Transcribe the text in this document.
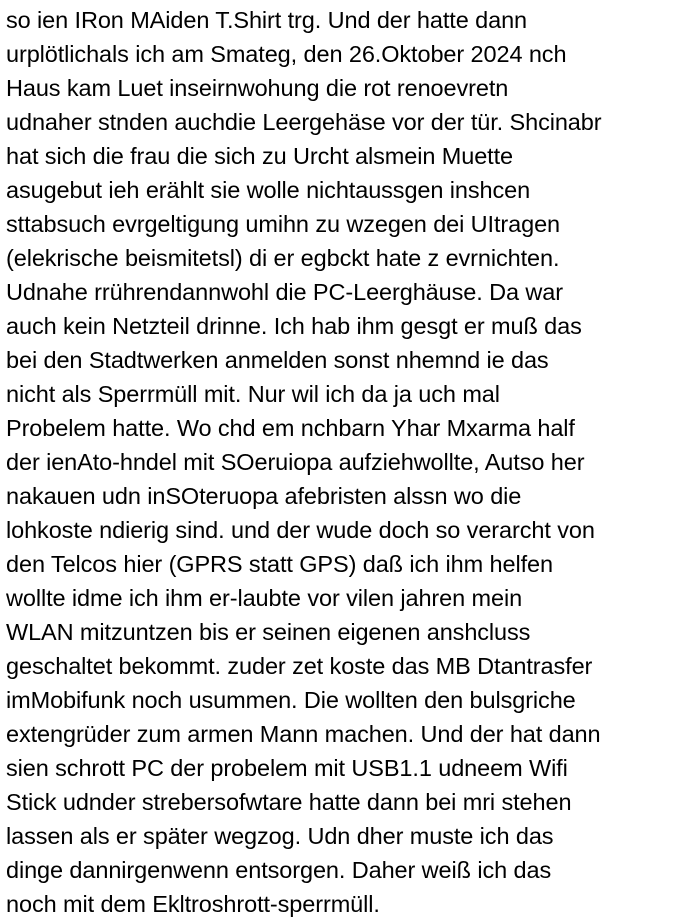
so ien IRon MAiden T.Shirt trg. Und der hatte dann
urplötlichals ich am Smateg, den 26.Oktober 2024 nch
Haus kam Luet inseirnwohung die rot renoevretn
udnaher stnden auchdie Leergehäse vor der tür. Shcinabr
hat sich die frau die sich zu Urcht alsmein Muette
asugebut ieh erählt sie wolle nichtaussgen inshcen
sttabsuch evrgeltigung umihn zu wzegen dei UItragen
(elekrische beismitetsl) di er egbckt hate z evrnichten.
Udnahe rrührendannwohl die PC-Leerghäuse. Da war
auch kein Netzteil drinne. Ich hab ihm gesgt er muß das
bei den Stadtwerken anmelden sonst nhemnd ie das
nicht als Sperrmüll mit. Nur wil ich da ja uch mal
Probelem hatte. Wo chd em nchbarn Yhar Mxarma half
der ienAto-hndel mit SOeruiopa aufziehwollte, Autso her
nakauen udn inSOteruopa afebristen alssn wo die
lohkoste ndierig sind. und der wude doch so verarcht von
den Telcos hier (GPRS statt GPS) daß ich ihm helfen
wollte idme ich ihm er-laubte vor vilen jahren mein
WLAN mitzuntzen bis er seinen eigenen anshcluss
geschaltet bekommt. zuder zet koste das MB Dtantrasfer
imMobifunk noch usummen. Die wollten den bulsgriche
extengrüder zum armen Mann machen. Und der hat dann
sien schrott PC der probelem mit USB1.1 udneem Wifi
Stick udnder strebersofwtare hatte dann bei mri stehen
lassen als er später wegzog. Udn dher muste ich das
dinge dannirgenwenn entsorgen. Daher weiß ich das
noch mit dem Ekltroshrott-sperrmüll.
